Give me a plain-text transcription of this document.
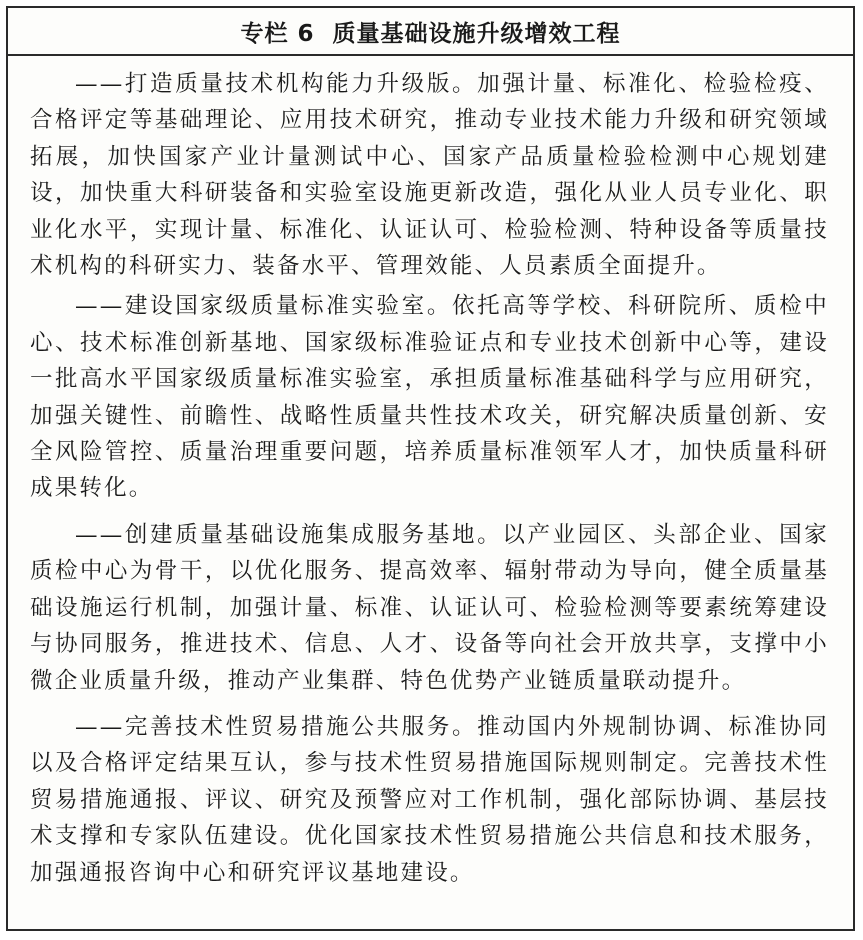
专栏 6 质量基础设施升级增效工程

——打造质量技术机构能力升级版。加强计量、标准化、检验检疫、合格评定等基础理论、应用技术研究，推动专业技术能力升级和研究领域拓展，加快国家产业计量测试中心、国家产品质量检验检测中心规划建设，加快重大科研装备和实验室设施更新改造，强化从业人员专业化、职业化水平，实现计量、标准化、认证认可、检验检测、特种设备等质量技术机构的科研实力、装备水平、管理效能、人员素质全面提升。

——建设国家级质量标准实验室。依托高等学校、科研院所、质检中心、技术标准创新基地、国家级标准验证点和专业技术创新中心等，建设一批高水平国家级质量标准实验室，承担质量标准基础科学与应用研究，加强关键性、前瞻性、战略性质量共性技术攻关，研究解决质量创新、安全风险管控、质量治理重要问题，培养质量标准领军人才，加快质量科研成果转化。

——创建质量基础设施集成服务基地。以产业园区、头部企业、国家质检中心为骨干，以优化服务、提高效率、辐射带动为导向，健全质量基础设施运行机制，加强计量、标准、认证认可、检验检测等要素统筹建设与协同服务，推进技术、信息、人才、设备等向社会开放共享，支撑中小微企业质量升级，推动产业集群、特色优势产业链质量联动提升。

——完善技术性贸易措施公共服务。推动国内外规制协调、标准协同以及合格评定结果互认，参与技术性贸易措施国际规则制定。完善技术性贸易措施通报、评议、研究及预警应对工作机制，强化部际协调、基层技术支撑和专家队伍建设。优化国家技术性贸易措施公共信息和技术服务，加强通报咨询中心和研究评议基地建设。
